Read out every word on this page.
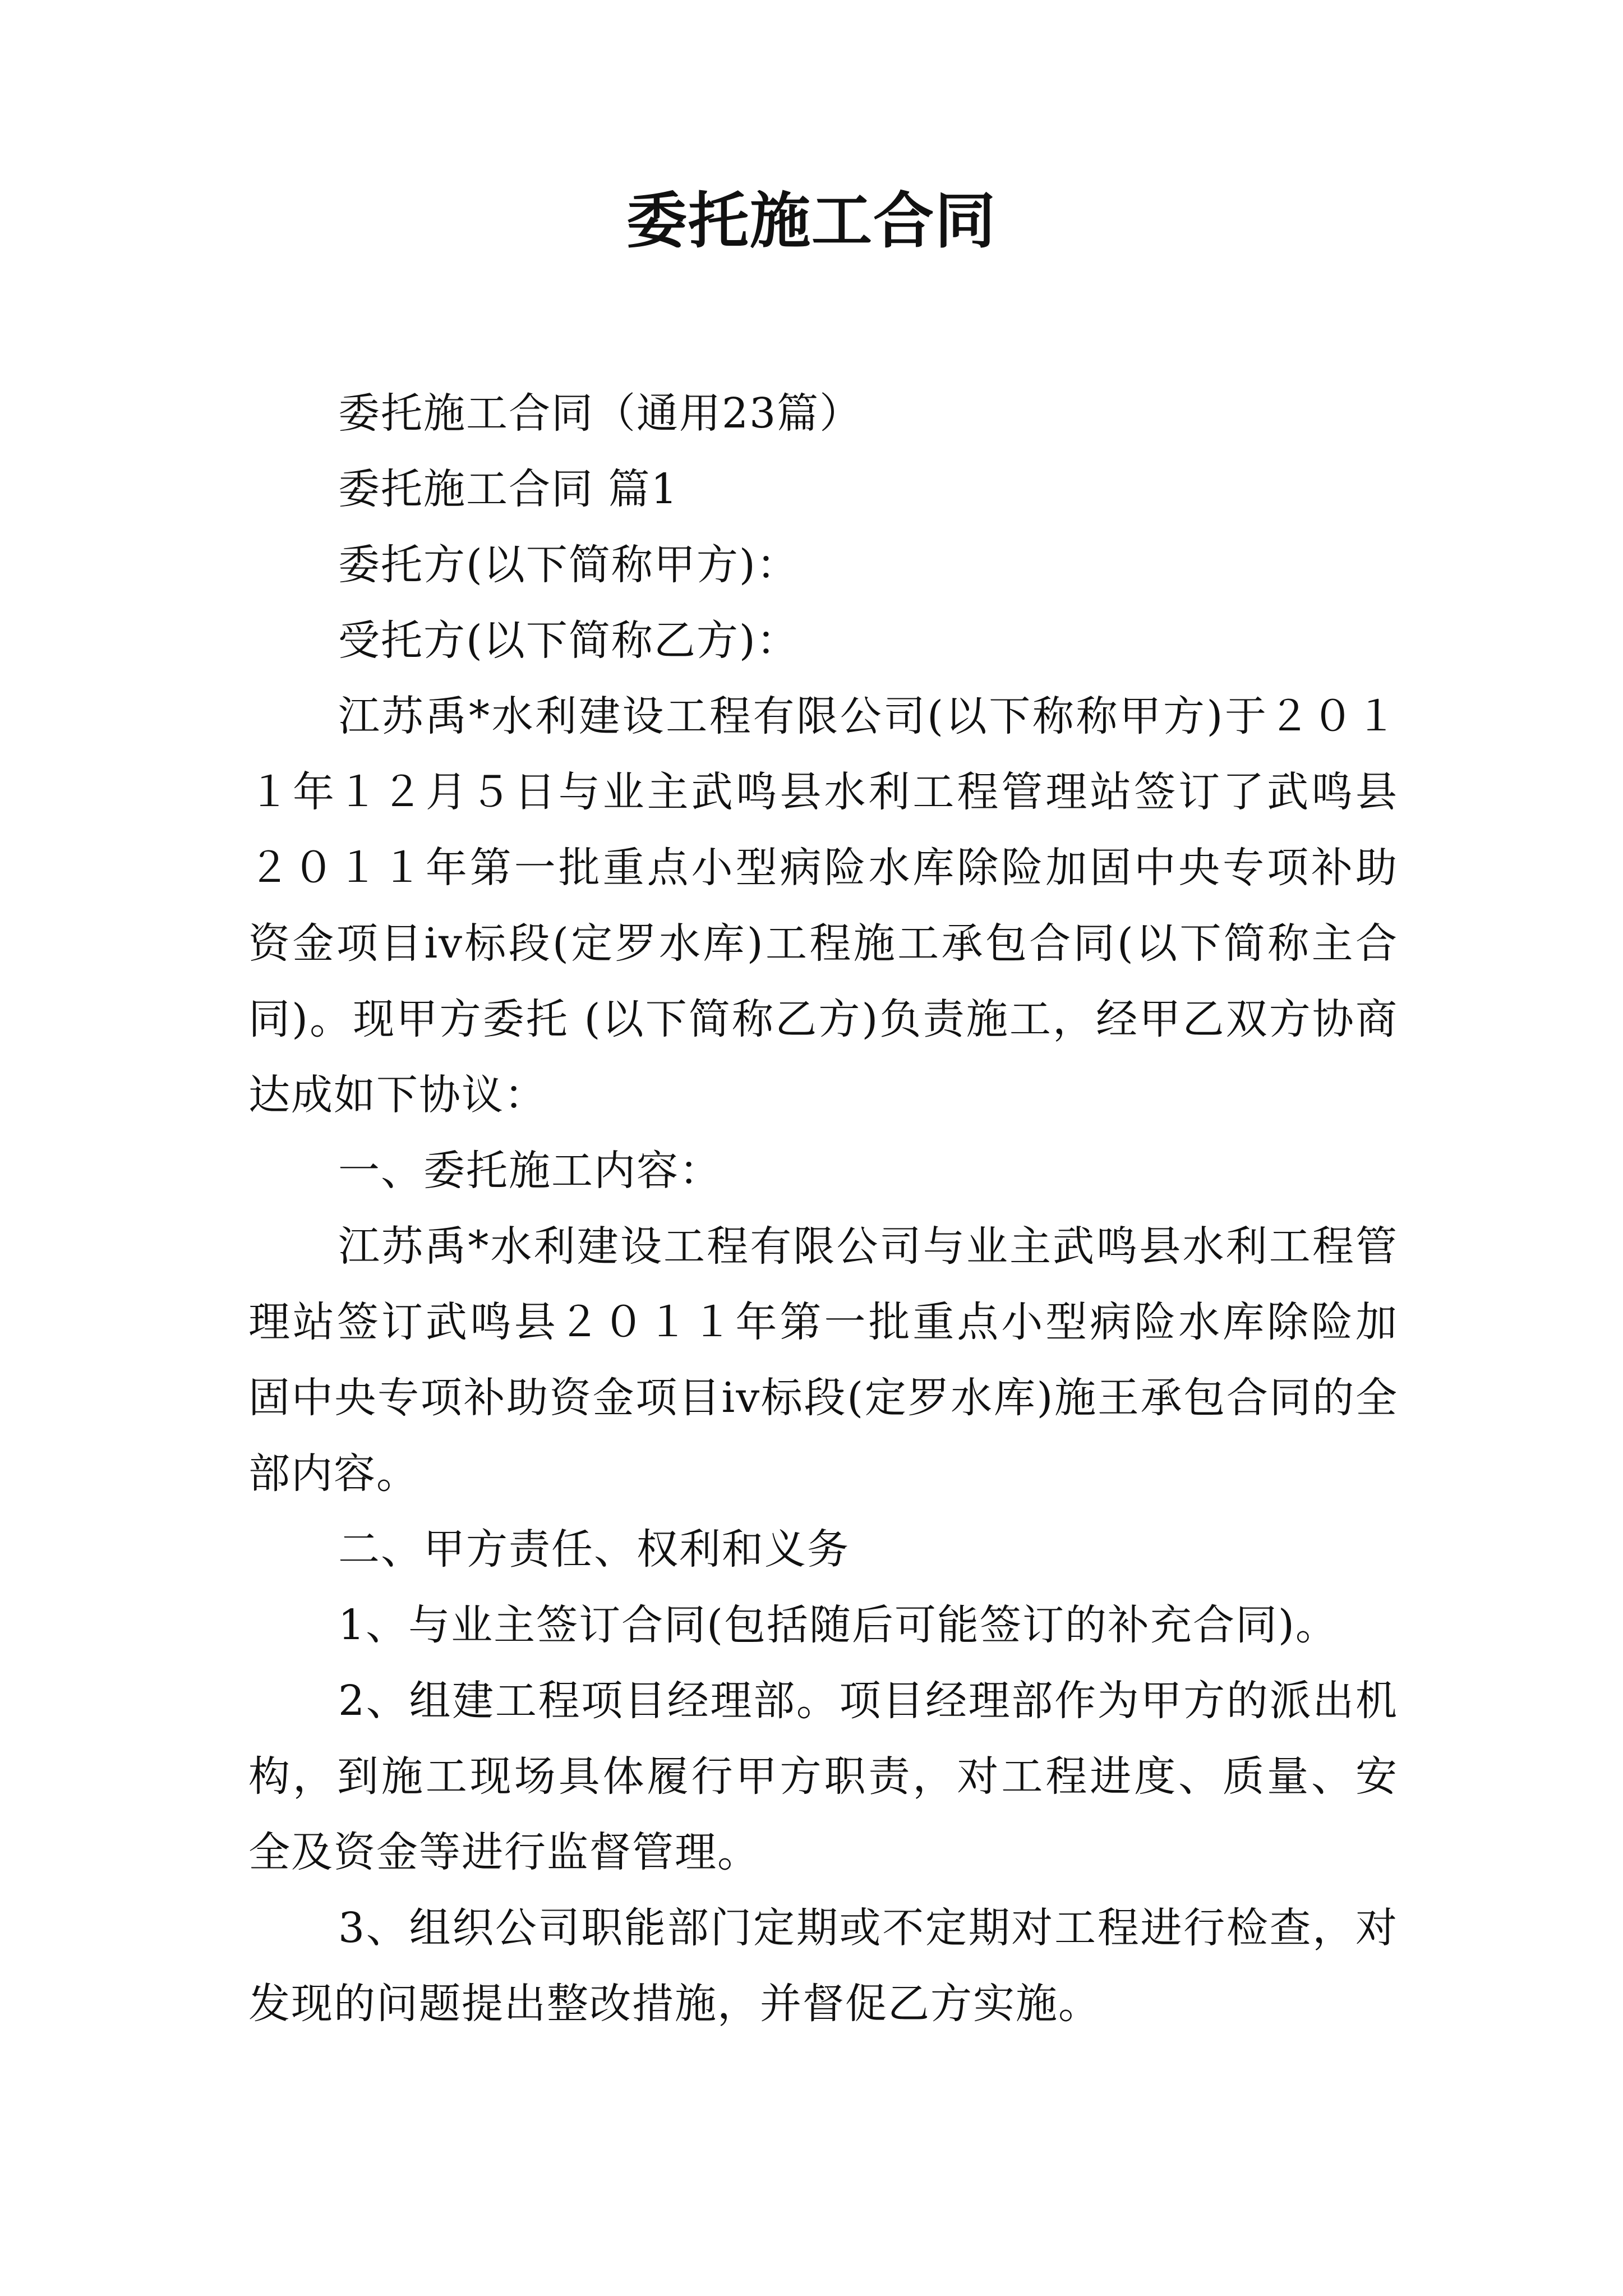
委托施工合同

委托施工合同（通用23篇）

委托施工合同 篇1

委托方(以下简称甲方)：

受托方(以下简称乙方)：

江苏禹*水利建设工程有限公司(以下称称甲方)于２０１１年１２月５日与业主武鸣县水利工程管理站签订了武鸣县２０１１年第一批重点小型病险水库除险加固中央专项补助资金项目iv标段(定罗水库)工程施工承包合同(以下简称主合同)。现甲方委托 (以下简称乙方)负责施工，经甲乙双方协商达成如下协议：

一、委托施工内容：

江苏禹*水利建设工程有限公司与业主武鸣县水利工程管理站签订武鸣县２０１１年第一批重点小型病险水库除险加固中央专项补助资金项目iv标段(定罗水库)施王承包合同的全部内容。

二、甲方责任、权利和义务

1、与业主签订合同(包括随后可能签订的补充合同)。

2、组建工程项目经理部。项目经理部作为甲方的派出机构，到施工现场具体履行甲方职责，对工程进度、质量、安全及资金等进行监督管理。

3、组织公司职能部门定期或不定期对工程进行检查，对发现的问题提出整改措施，并督促乙方实施。
